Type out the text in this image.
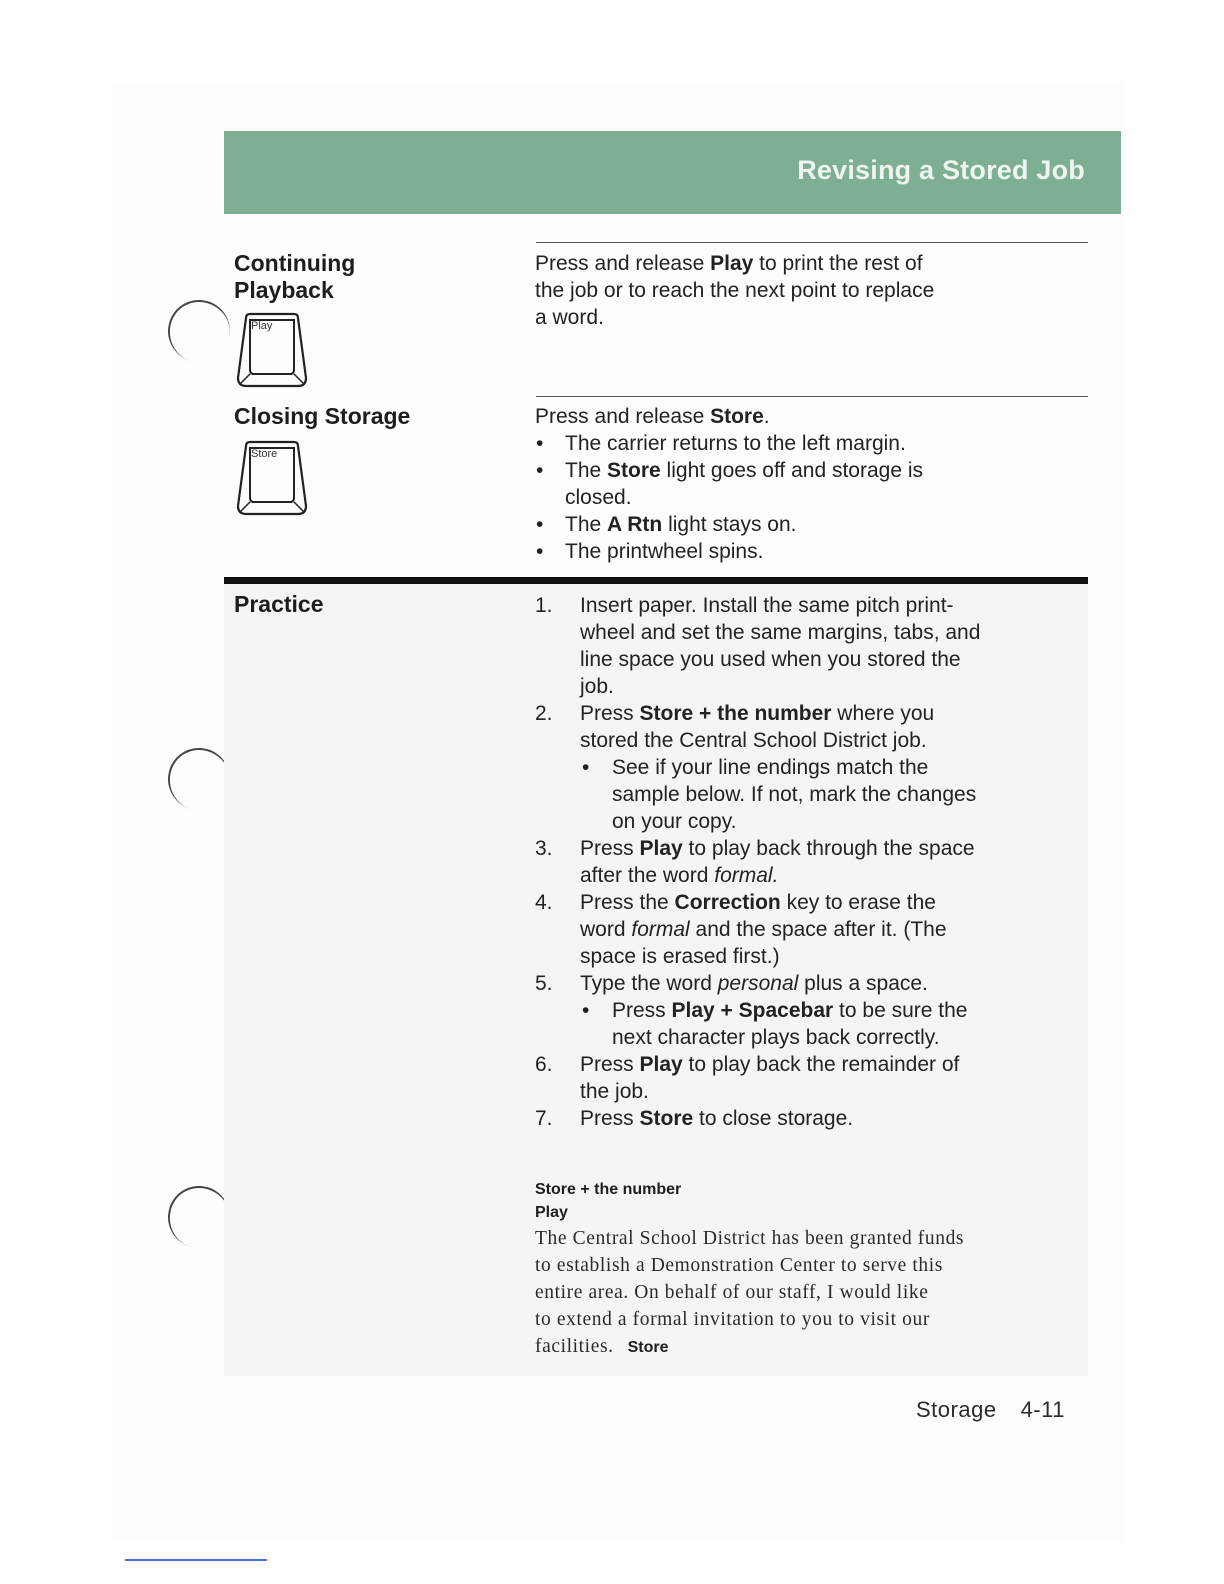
Revising a Stored Job
Continuing
Playback
Play

Press and release Play to print the rest of

the job or to reach the next point to replace

a word.

Closing Storage
Store

Press and release Store.

• The carrier returns to the left margin.
• The Store light goes off and storage is
closed.
• The A Rtn light stays on.
• The printwheel spins.
Practice	1. Insert paper. Install the same pitch print-
wheel and set the same margins, tabs, and
line space you used when you stored the
job.
2. Press Store + the number where you
stored the Central School District job.
• See if your line endings match the
sample below. If not, mark the changes
on your copy.
3. Press Play to play back through the space
after the word formal.
4. Press the Correction key to erase the
word formal and the space after it. (The
space is erased first.)
5. Type the word personal plus a space.
• Press Play + Spacebar to be sure the
next character plays back correctly.
6. Press Play to play back the remainder of
the job.
7. Press Store to close storage.
Store + the number
Play
The Central School District has been granted funds
to establish a Demonstration Center to serve this
entire area. On behalf of our staff, I would like
to extend a formal invitation to you to visit our
facilities. Store
Storage 4-11
